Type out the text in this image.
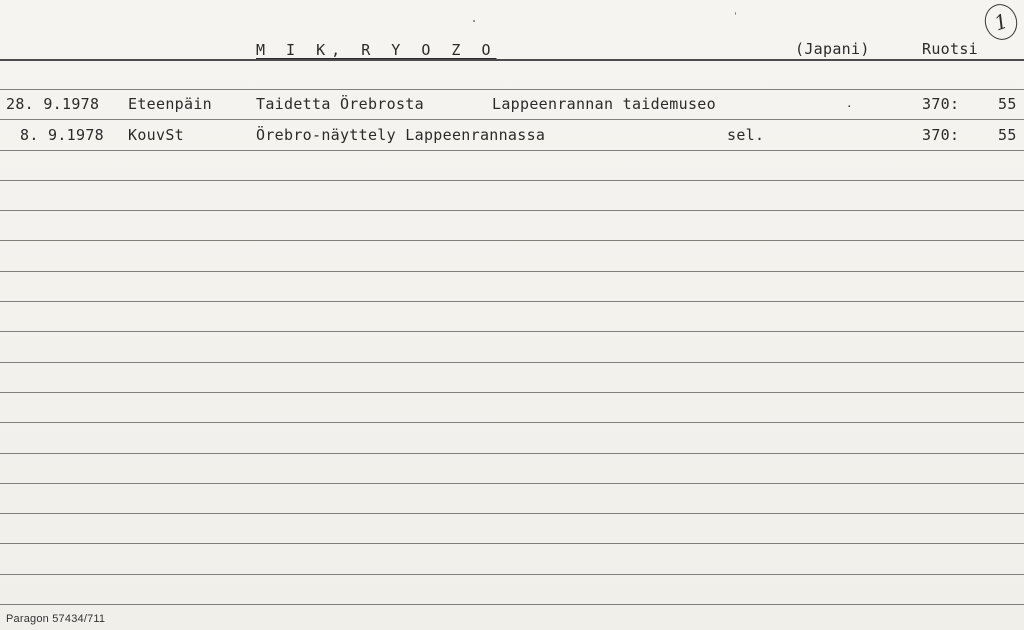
M I K, R Y O Z O	(Japani)	Ruotsi
1
28. 9.1978 Eteenpäin	Taidetta Örebrosta	Lappeenrannan taidemuseo	.	370:	55
8. 9.1978 KouvSt	Örebro-näyttely Lappeenrannassa	sel.	370:	55
Paragon 57434/711
